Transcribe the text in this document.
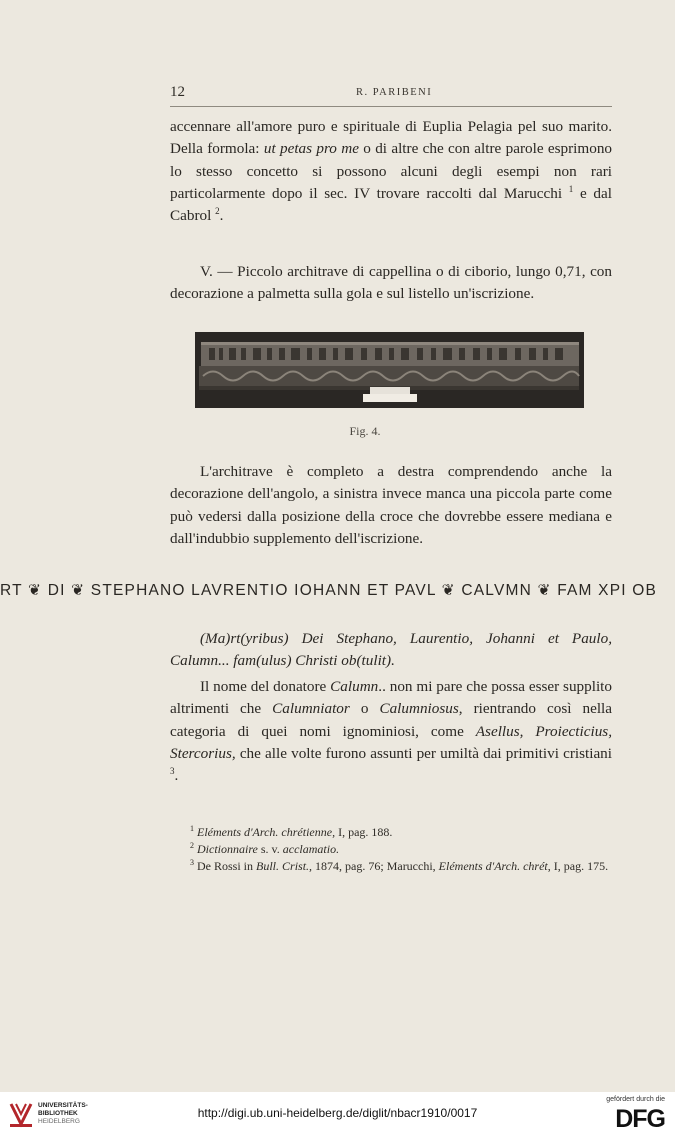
12	R. PARIBENI
accennare all'amore puro e spirituale di Euplia Pelagia pel suo marito. Della formola: ut petas pro me o di altre che con altre parole esprimono lo stesso concetto si possono alcuni degli esempi non rari particolarmente dopo il sec. IV trovare raccolti dal Marucchi $^1$ e dal Cabrol $^2$.
V. — Piccolo architrave di cappellina o di ciborio, lungo 0,71, con decorazione a palmetta sulla gola e sul listello un'iscrizione.
Fig. 4.
L'architrave è completo a destra comprendendo anche la decorazione dell'angolo, a sinistra invece manca una piccola parte come può vedersi dalla posizione della croce che dovrebbe essere mediana e dall'indubbio supplemento dell'iscrizione.
RT ❦ DI ❦ STEPHANO LAVRENTIO IOHANN ET PAVL ❦ CALVMN ❦ FAM XPI OB
(Ma)rt(yribus) Dei Stephano, Laurentio, Johanni et Paulo, Calumn... fam(ulus) Christi ob(tulit).
Il nome del donatore Calumn.. non mi pare che possa esser supplito altrimenti che Calumniator o Calumniosus, rientrando così nella categoria di quei nomi ignominiosi, come Asellus, Proiecticius, Stercorius, che alle volte furono assunti per umiltà dai primitivi cristiani $^3$.
$^1$ Eléments d'Arch. chrétienne, I, pag. 188.
$^2$ Dictionnaire s. v. acclamatio.
$^3$ De Rossi in Bull. Crist., 1874, pag. 76; Marucchi, Eléments d'Arch. chrét, I, pag. 175.
UNIVERSITÄTS-
BIBLIOTHEK
HEIDELBERG
http://digi.ub.uni-heidelberg.de/diglit/nbacr1910/0017
gefördert durch die
DFG
